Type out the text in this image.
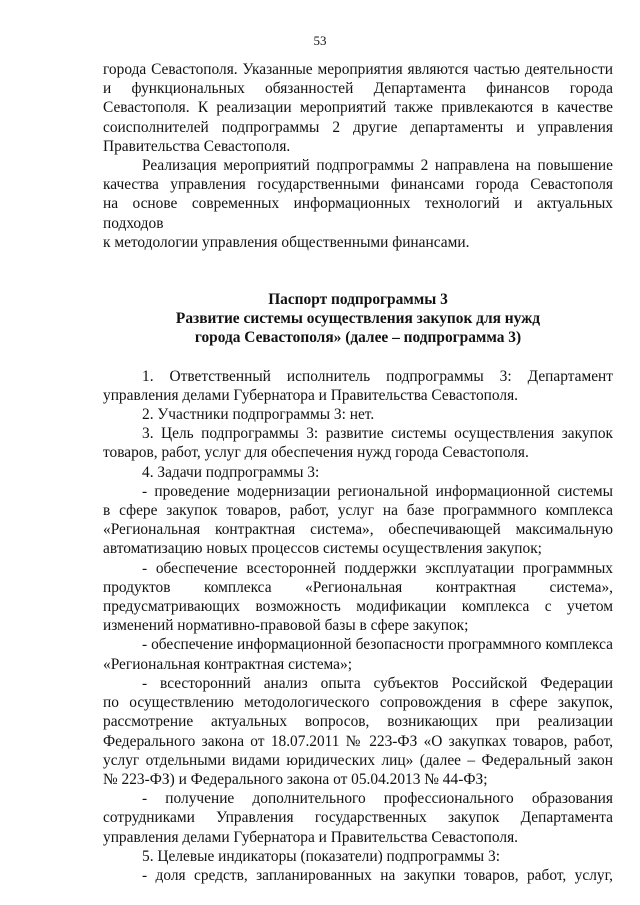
53

города Севастополя. Указанные мероприятия являются частью деятельности

и функциональных обязанностей Департамента финансов города

Севастополя. К реализации мероприятий также привлекаются в качестве

соисполнителей подпрограммы 2 другие департаменты и управления

Правительства Севастополя.

Реализация мероприятий подпрограммы 2 направлена на повышение

качества управления государственными финансами города Севастополя

на основе современных информационных технологий и актуальных подходов

к методологии управления общественными финансами.

Паспорт подпрограммы 3

Развитие системы осуществления закупок для нужд

города Севастополя» (далее – подпрограмма 3)

1. Ответственный исполнитель подпрограммы 3: Департамент

управления делами Губернатора и Правительства Севастополя.

2. Участники подпрограммы 3: нет.

3. Цель подпрограммы 3: развитие системы осуществления закупок

товаров, работ, услуг для обеспечения нужд города Севастополя.

4. Задачи подпрограммы 3:

- проведение модернизации региональной информационной системы

в сфере закупок товаров, работ, услуг на базе программного комплекса

«Региональная контрактная система», обеспечивающей максимальную

автоматизацию новых процессов системы осуществления закупок;

- обеспечение всесторонней поддержки эксплуатации программных

продуктов комплекса «Региональная контрактная система»,

предусматривающих возможность модификации комплекса с учетом

изменений нормативно-правовой базы в сфере закупок;

- обеспечение информационной безопасности программного комплекса

«Региональная контрактная система»;

- всесторонний анализ опыта субъектов Российской Федерации

по осуществлению методологического сопровождения в сфере закупок,

рассмотрение актуальных вопросов, возникающих при реализации

Федерального закона от 18.07.2011 № 223-ФЗ «О закупках товаров, работ,

услуг отдельными видами юридических лиц» (далее – Федеральный закон

№ 223-ФЗ) и Федерального закона от 05.04.2013 № 44-ФЗ;

- получение дополнительного профессионального образования

сотрудниками Управления государственных закупок Департамента

управления делами Губернатора и Правительства Севастополя.

5. Целевые индикаторы (показатели) подпрограммы 3:

- доля средств, запланированных на закупки товаров, работ, услуг,
